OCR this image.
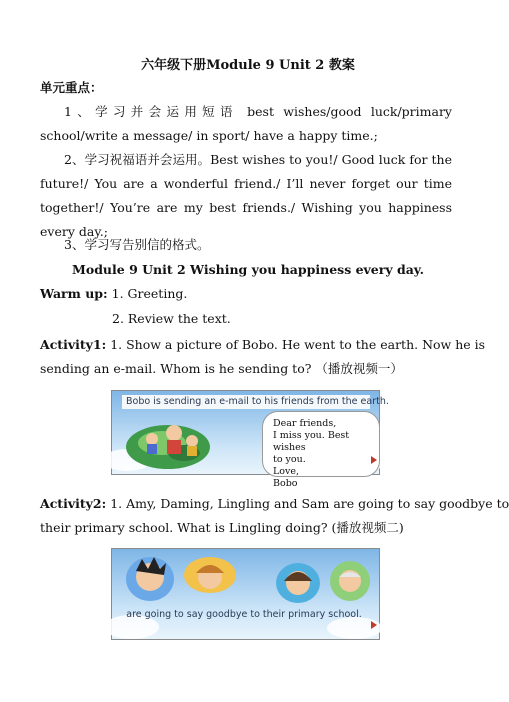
六年级下册Module 9 Unit 2 教案
单元重点：
1、学习并会运用短语 best wishes/good luck/primary school/write a message/ in sport/ have a happy time.;
2、学习祝福语并会运用。Best wishes to you!/ Good luck for the future!/ You are a wonderful friend./ I’ll never forget our time together!/ You’re are my best friends./ Wishing you happiness every day.;
3、学习写告别信的格式。
Module 9 Unit 2 Wishing you happiness every day.
Warm up: 1. Greeting.
2. Review the text.
Activity1: 1. Show a picture of Bobo. He went to the earth. Now he is
sending an e-mail. Whom is he sending to? （播放视频一）
Bobo is sending an e-mail to his friends from the earth.
Dear friends,
I miss you. Best wishes
to you.
Love,
Bobo
Activity2: 1. Amy, Daming, Lingling and Sam are going to say goodbye to
their primary school. What is Lingling doing? (播放视频二)
are going to say goodbye to their primary school.
